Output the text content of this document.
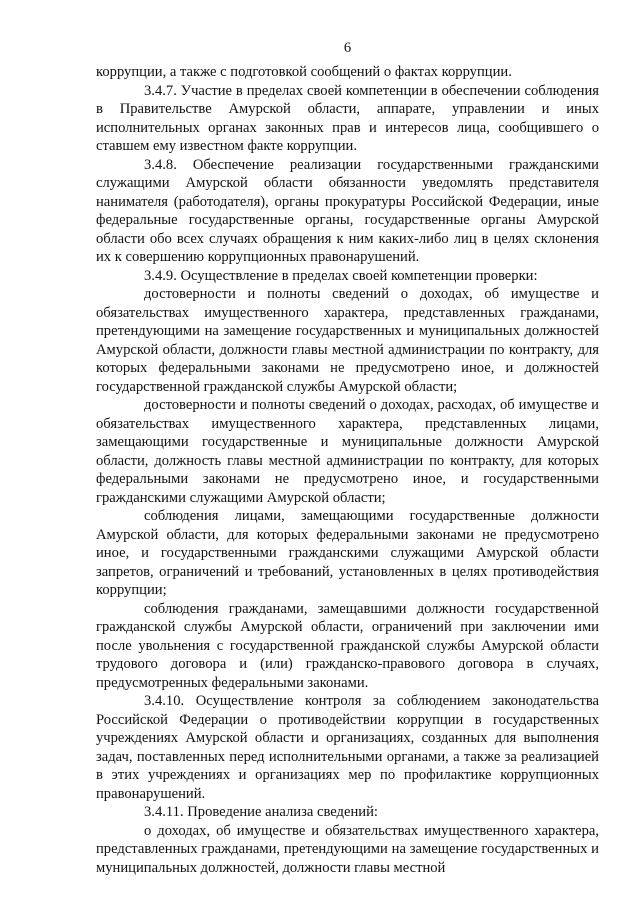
6

коррупции, а также с подготовкой сообщений о фактах коррупции.

3.4.7. Участие в пределах своей компетенции в обеспечении соблюдения в Правительстве Амурской области, аппарате, управлении и иных исполнительных органах законных прав и интересов лица, сообщившего о ставшем ему известном факте коррупции.

3.4.8. Обеспечение реализации государственными гражданскими служащими Амурской области обязанности уведомлять представителя нанимателя (работодателя), органы прокуратуры Российской Федерации, иные федеральные государственные органы, государственные органы Амурской области обо всех случаях обращения к ним каких-либо лиц в целях склонения их к совершению коррупционных правонарушений.

3.4.9. Осуществление в пределах своей компетенции проверки:

достоверности и полноты сведений о доходах, об имуществе и обязательствах имущественного характера, представленных гражданами, претендующими на замещение государственных и муниципальных должностей Амурской области, должности главы местной администрации по контракту, для которых федеральными законами не предусмотрено иное, и должностей государственной гражданской службы Амурской области;

достоверности и полноты сведений о доходах, расходах, об имуществе и обязательствах имущественного характера, представленных лицами, замещающими государственные и муниципальные должности Амурской области, должность главы местной администрации по контракту, для которых федеральными законами не предусмотрено иное, и государственными гражданскими служащими Амурской области;

соблюдения лицами, замещающими государственные должности Амурской области, для которых федеральными законами не предусмотрено иное, и государственными гражданскими служащими Амурской области запретов, ограничений и требований, установленных в целях противодействия коррупции;

соблюдения гражданами, замещавшими должности государственной гражданской службы Амурской области, ограничений при заключении ими после увольнения с государственной гражданской службы Амурской области трудового договора и (или) гражданско-правового договора в случаях, предусмотренных федеральными законами.

3.4.10. Осуществление контроля за соблюдением законодательства Российской Федерации о противодействии коррупции в государственных учреждениях Амурской области и организациях, созданных для выполнения задач, поставленных перед исполнительными органами, а также за реализацией в этих учреждениях и организациях мер по профилактике коррупционных правонарушений.

3.4.11. Проведение анализа сведений:

о доходах, об имуществе и обязательствах имущественного характера, представленных гражданами, претендующими на замещение государственных и муниципальных должностей, должности главы местной
